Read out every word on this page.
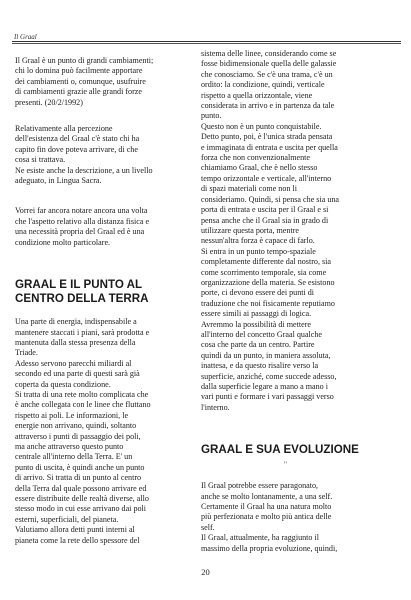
Il Graal

Il Graal è un punto di grandi cambiamenti;
chi lo domina può facilmente apportare
dei cambiamenti o, comunque, usufruire
di cambiamenti grazie alle grandi forze
presenti. (20/2/1992)

Relativamente alla percezione
dell'esistenza del Graal c'è stato chi ha
capito fin dove poteva arrivare, di che
cosa si trattava.
Ne esiste anche la descrizione, a un livello
adeguato, in Lingua Sacra.

Vorrei far ancora notare ancora una volta
che l'aspetto relativo alla distanza fisica e
una necessità propria del Graal ed è una
condizione molto particolare.

GRAAL E IL PUNTO AL
CENTRO DELLA TERRA

Una parte di energia, indispensabile a
mantenere staccati i piani, sarà prodotta e
mantenuta dalla stessa presenza della
Triade.
Adesso servono parecchi miliardi al
secondo ed una parte di questi sarà già
coperta da questa condizione.
Si tratta di una rete molto complicata che
è anche collegata con le linee che fluttano
rispetto ai poli. Le informazioni, le
energie non arrivano, quindi, soltanto
attraverso i punti di passaggio dei poli,
ma anche attraverso questo punto
centrale all'interno della Terra. E' un
punto di uscita, è quindi anche un punto
di arrivo. Si tratta di un punto al centro
della Terra dal quale possono arrivare ed
essere distribuite delle realtà diverse, allo
stesso modo in cui esse arrivano dai poli
esterni, superficiali, del pianeta.
Valutiamo allora detti punti interni al
pianeta come la rete dello spessore del

sistema delle linee, considerando come se
fosse bidimensionale quella delle galassie
che conosciamo. Se c'è una trama, c'è un
ordito: la condizione, quindi, verticale
rispetto a quella orizzontale, viene
considerata in arrivo e in partenza da tale
punto.
Questo non è un punto conquistabile.
Detto punto, poi, è l'unica strada pensata
e immaginata di entrata e uscita per quella
forza che non convenzionalmente
chiamiamo Graal, che è nello stesso
tempo orizzontale e verticale, all'interno
di spazi materiali come non li
consideriamo. Quindi, si pensa che sia una
porta di entrata e uscita per il Graal e si
pensa anche che il Graal sia in grado di
utilizzare questa porta, mentre
nessun'altra forza è capace di farlo.
Si entra in un punto tempo-spaziale
completamente differente dal nostro, sia
come scorrimento temporale, sia come
organizzazione della materia. Se esistono
porte, ci devono essere dei punti di
traduzione che noi fisicamente reputiamo
essere simili ai passaggi di logica.
Avremmo la possibilità di mettere
all'interno del concetto Graal qualche
cosa che parte da un centro. Partire
quindi da un punto, in maniera assoluta,
inattesa, e da questo risalire verso la
superficie, anziché, come succede adesso,
dalla superficie legare a mano a mano i
vari punti e formare i vari passaggi verso
l'interno.

GRAAL E SUA EVOLUZIONE
"

Il Graal potrebbe essere paragonato,
anche se molto lontanamente, a una self.
Certamente il Graal ha una natura molto
più perfezionata e molto più antica delle
self.
Il Graal, attualmente, ha raggiunto il
massimo della propria evoluzione, quindi,

20
